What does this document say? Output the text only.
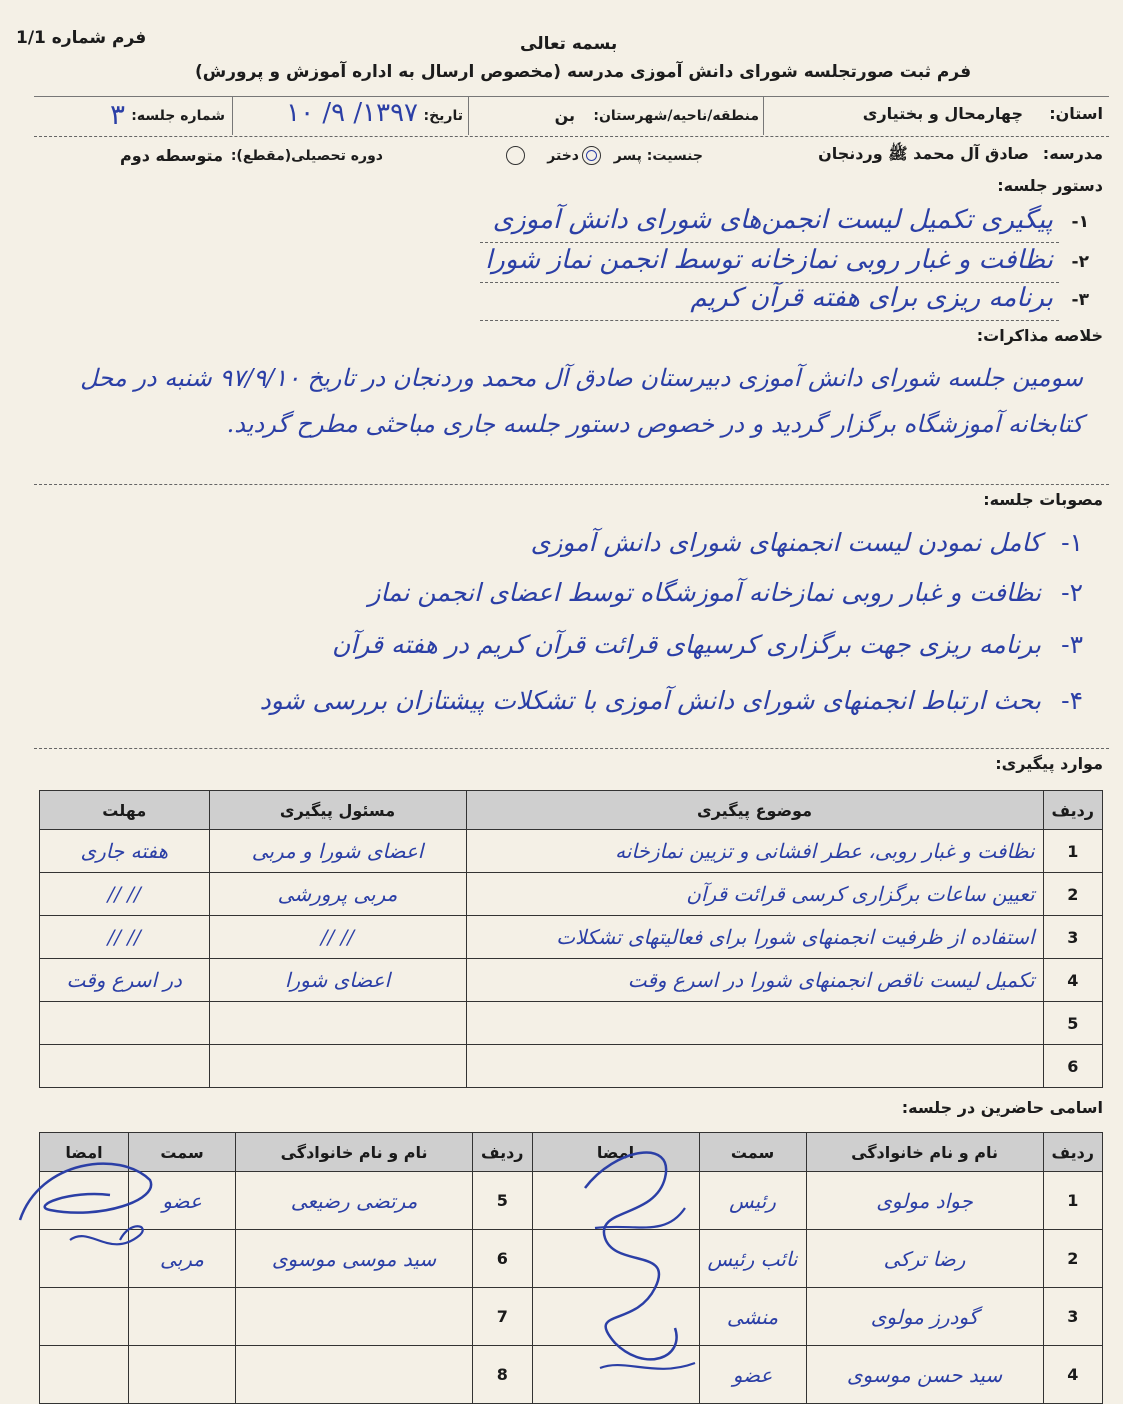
فرم شماره 1/1	بسمه تعالی
فرم ثبت صورتجلسه شورای دانش آموزی مدرسه (مخصوص ارسال به اداره آموزش و پرورش)
استان:
چهارمحال و بختیاری
منطقه/ناحیه/شهرستان:
بن
تاریخ:
۱۳۹۷/ ۹/ ۱۰
شماره جلسه:
۳
مدرسه:
صادق آل محمد ﷺ وردنجان
جنسیت: پسر
دختر
دوره تحصیلی(مقطع):
متوسطه دوم
دستور جلسه:
۱-
پیگیری تکمیل لیست انجمن‌های شورای دانش آموزی
۲-
نظافت و غبار روبی نمازخانه توسط انجمن نماز شورا
۳-
برنامه ریزی برای هفته قرآن کریم
خلاصه مذاکرات:
سومین جلسه شورای دانش آموزی دبیرستان صادق آل محمد وردنجان در تاریخ ۹۷/۹/۱۰ شنبه در محل
کتابخانه آموزشگاه برگزار گردید و در خصوص دستور جلسه جاری مباحثی مطرح گردید.
مصوبات جلسه:
۱-
کامل نمودن لیست انجمنهای شورای دانش آموزی
۲-
نظافت و غبار روبی نمازخانه آموزشگاه توسط اعضای انجمن نماز
۳-
برنامه ریزی جهت برگزاری کرسیهای قرائت قرآن کریم در هفته قرآن
۴-
بحث ارتباط انجمنهای شورای دانش آموزی با تشکلات پیشتازان بررسی شود
موارد پیگیری:
ردیف	موضوع پیگیری	مسئول پیگیری	مهلت
1	نظافت و غبار روبی، عطر افشانی و تزیین نمازخانه	اعضای شورا و مربی	هفته جاری
2	تعیین ساعات برگزاری کرسی قرائت قرآن	مربی پرورشی	// //
3	استفاده از ظرفیت انجمنهای شورا برای فعالیتهای تشکلات	// //	// //
4	تکمیل لیست ناقص انجمنهای شورا در اسرع وقت	اعضای شورا	در اسرع وقت
5			
6			
اسامی حاضرین در جلسه:
ردیف	نام و نام خانوادگی	سمت	امضا	ردیف	نام و نام خانوادگی	سمت	امضا
1	جواد مولوی	رئیس		5	مرتضی رضیعی	عضو	
2	رضا ترکی	نائب رئیس		6	سید موسی موسوی	مربی	
3	گودرز مولوی	منشی		7			
4	سید حسن موسوی	عضو		8			
